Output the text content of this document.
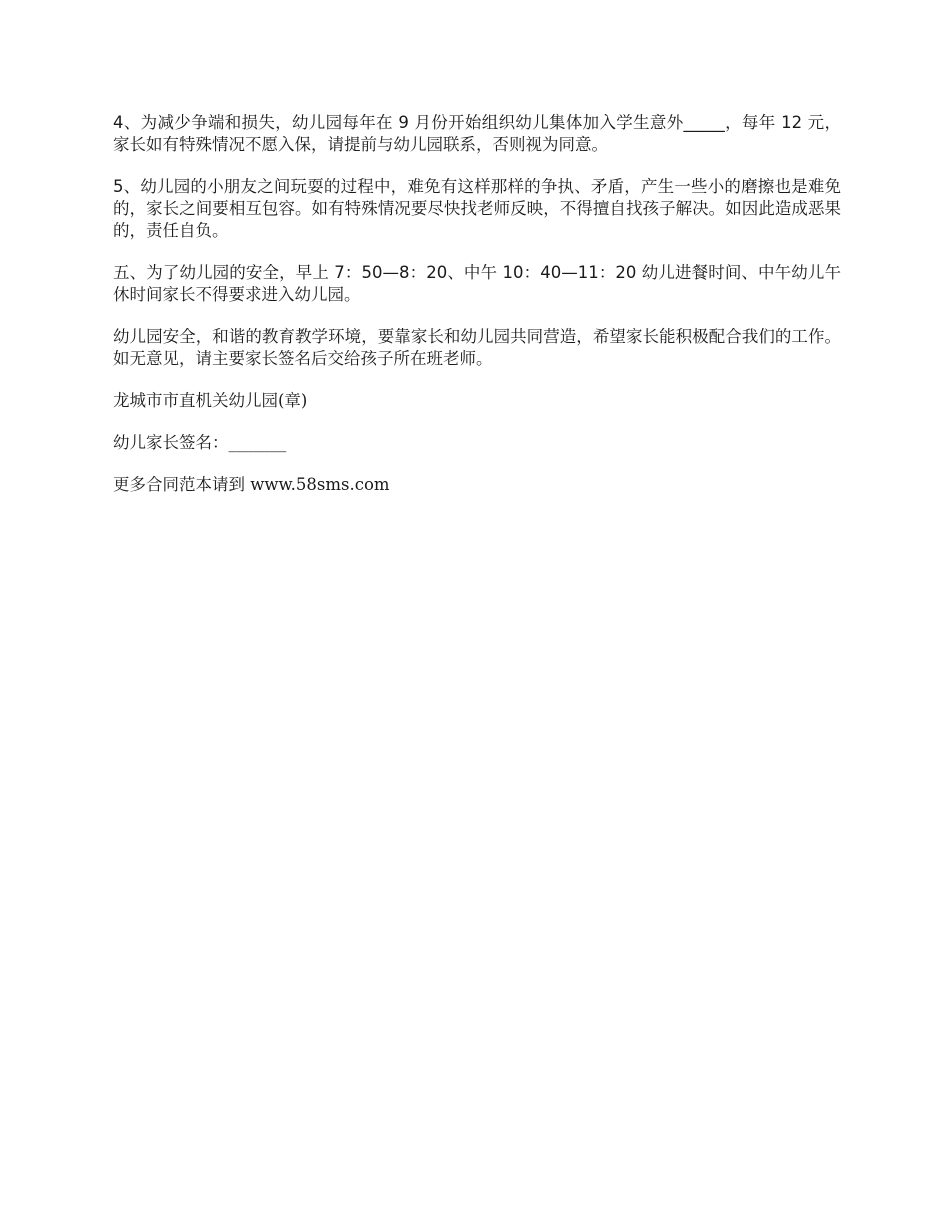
4、为减少争端和损失，幼儿园每年在 9 月份开始组织幼儿集体加入学生意外_____，每年 12 元，家长如有特殊情况不愿入保，请提前与幼儿园联系，否则视为同意。

5、幼儿园的小朋友之间玩耍的过程中，难免有这样那样的争执、矛盾，产生一些小的磨擦也是难免的，家长之间要相互包容。如有特殊情况要尽快找老师反映，不得擅自找孩子解决。如因此造成恶果的，责任自负。

五、为了幼儿园的安全，早上 7：50—8：20、中午 10：40—11：20 幼儿进餐时间、中午幼儿午休时间家长不得要求进入幼儿园。

幼儿园安全，和谐的教育教学环境，要靠家长和幼儿园共同营造，希望家长能积极配合我们的工作。如无意见，请主要家长签名后交给孩子所在班老师。

龙城市市直机关幼儿园(章)

幼儿家长签名：_______

更多合同范本请到 www.58sms.com
